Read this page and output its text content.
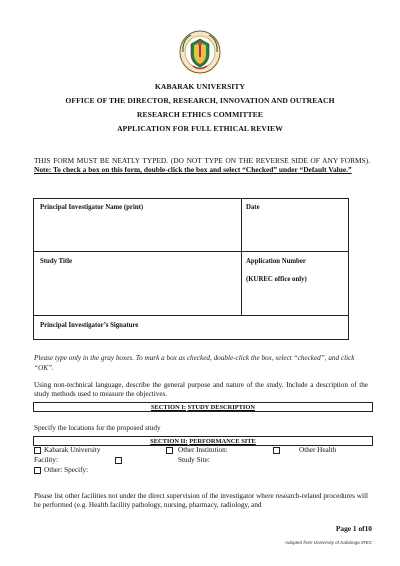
KABARAK UNIVERSITY
OFFICE OF THE DIRECTOR, RESEARCH, INNOVATION AND OUTREACH
RESEARCH ETHICS COMMITTEE
APPLICATION FOR FULL ETHICAL REVIEW
THIS FORM MUST BE NEATLY TYPED. (DO NOT TYPE ON THE REVERSE SIDE OF ANY FORMS). Note: To check a box on this form, double-click the box and select “Checked” under “Default Value.”
Principal Investigator Name (print)	Date
Study Title	Application Number
(KUREC office only)
Principal Investigator’s Signature
Please type only in the gray boxes. To mark a box as checked, double-click the box, select “checked”, and click “OK”.
Using non-technical language, describe the general purpose and nature of the study. Include a description of the study methods used to measure the objectives.
SECTION I: STUDY DESCRIPTION
Specify the locations for the proposed study
SECTION II: PERFORMANCE SITE
Kabarak University
Facility:
Other Institution:
Study Site:
Other Health
Other: Specify:
Please list other facilities not under the direct supervision of the investigator where research-related procedures will be performed (e.g. Health facility pathology, nursing, pharmacy, radiology, and
Page 1 of10
Adapted from University of Kabianga IREC
